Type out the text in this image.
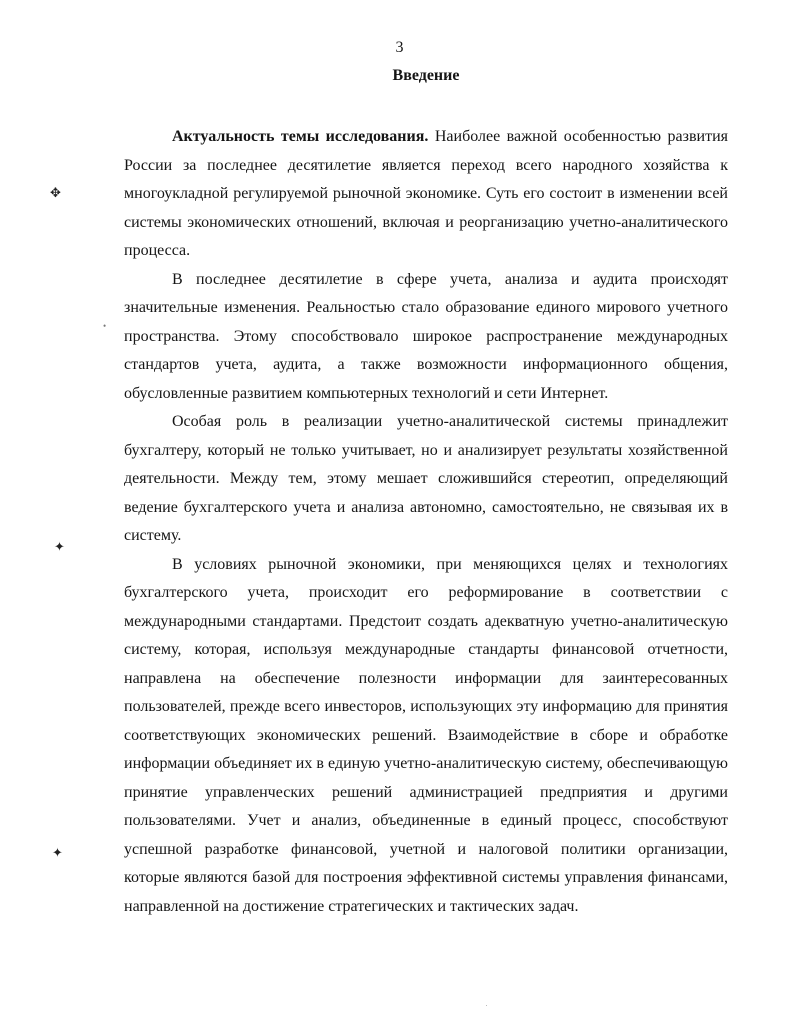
3
Введение

Актуальность темы исследования. Наиболее важной особенностью развития России за последнее десятилетие является переход всего народного хозяйства к многоукладной регулируемой рыночной экономике. Суть его состоит в изменении всей системы экономических отношений, включая и реорганизацию учетно-аналитического процесса.

В последнее десятилетие в сфере учета, анализа и аудита происходят значительные изменения. Реальностью стало образование единого мирового учетного пространства. Этому способствовало широкое распространение международных стандартов учета, аудита, а также возможности информационного общения, обусловленные развитием компьютерных технологий и сети Интернет.

Особая роль в реализации учетно-аналитической системы принадлежит бухгалтеру, который не только учитывает, но и анализирует результаты хозяйственной деятельности. Между тем, этому мешает сложившийся стереотип, определяющий ведение бухгалтерского учета и анализа автономно, самостоятельно, не связывая их в систему.

В условиях рыночной экономики, при меняющихся целях и технологиях бухгалтерского учета, происходит его реформирование в соответствии с международными стандартами. Предстоит создать адекватную учетно-аналитическую систему, которая, используя международные стандарты финансовой отчетности, направлена на обеспечение полезности информации для заинтересованных пользователей, прежде всего инвесторов, использующих эту информацию для принятия соответствующих экономических решений. Взаимодействие в сборе и обработке информации объединяет их в единую учетно-аналитическую систему, обеспечивающую принятие управленческих решений администрацией предприятия и другими пользователями. Учет и анализ, объединенные в единый процесс, способствуют успешной разработке финансовой, учетной и налоговой политики организации, которые являются базой для построения эффективной системы управления финансами, направленной на достижение стратегических и тактических задач.

✥
•
✦
✦
